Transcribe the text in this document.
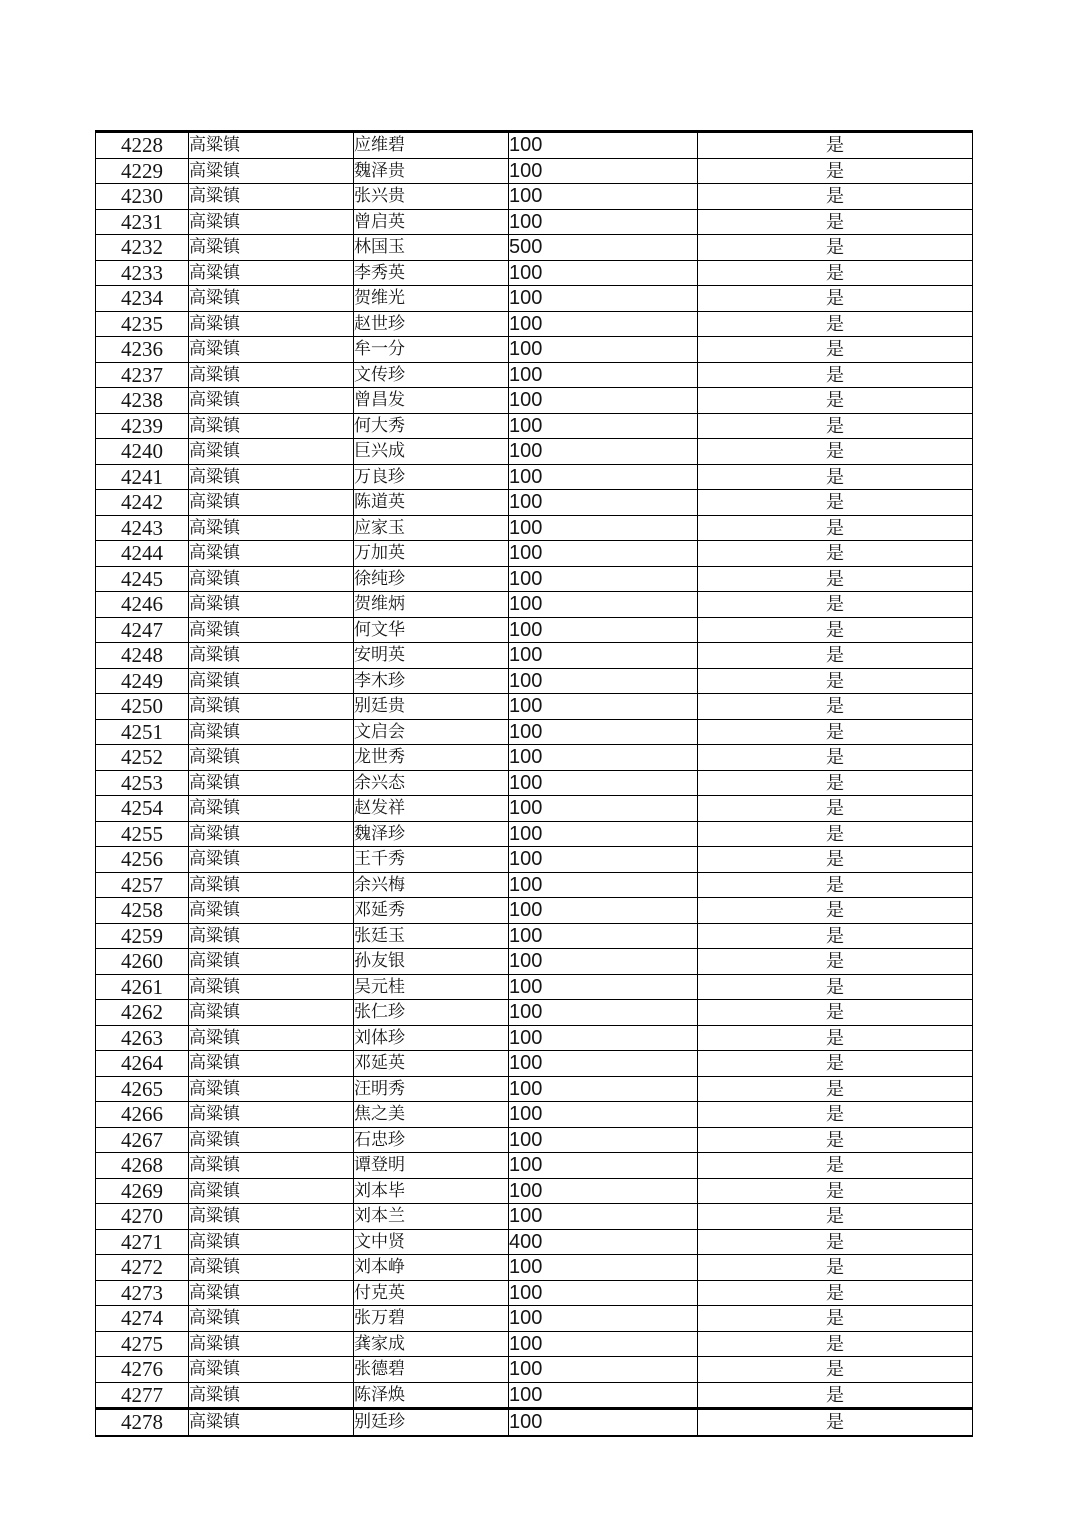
4228	高粱镇	应维碧	100	是
4229	高粱镇	魏泽贵	100	是
4230	高粱镇	张兴贵	100	是
4231	高粱镇	曾启英	100	是
4232	高粱镇	林国玉	500	是
4233	高粱镇	李秀英	100	是
4234	高粱镇	贺维光	100	是
4235	高粱镇	赵世珍	100	是
4236	高粱镇	牟一分	100	是
4237	高粱镇	文传珍	100	是
4238	高粱镇	曾昌发	100	是
4239	高粱镇	何大秀	100	是
4240	高粱镇	巨兴成	100	是
4241	高粱镇	万良珍	100	是
4242	高粱镇	陈道英	100	是
4243	高粱镇	应家玉	100	是
4244	高粱镇	万加英	100	是
4245	高粱镇	徐纯珍	100	是
4246	高粱镇	贺维炳	100	是
4247	高粱镇	何文华	100	是
4248	高粱镇	安明英	100	是
4249	高粱镇	李木珍	100	是
4250	高粱镇	别廷贵	100	是
4251	高粱镇	文启会	100	是
4252	高粱镇	龙世秀	100	是
4253	高粱镇	余兴态	100	是
4254	高粱镇	赵发祥	100	是
4255	高粱镇	魏泽珍	100	是
4256	高粱镇	王千秀	100	是
4257	高粱镇	余兴梅	100	是
4258	高粱镇	邓延秀	100	是
4259	高粱镇	张廷玉	100	是
4260	高粱镇	孙友银	100	是
4261	高粱镇	吴元桂	100	是
4262	高粱镇	张仁珍	100	是
4263	高粱镇	刘体珍	100	是
4264	高粱镇	邓延英	100	是
4265	高粱镇	汪明秀	100	是
4266	高粱镇	焦之美	100	是
4267	高粱镇	石忠珍	100	是
4268	高粱镇	谭登明	100	是
4269	高粱镇	刘本毕	100	是
4270	高粱镇	刘本兰	100	是
4271	高粱镇	文中贤	400	是
4272	高粱镇	刘本峥	100	是
4273	高粱镇	付克英	100	是
4274	高粱镇	张万碧	100	是
4275	高粱镇	龚家成	100	是
4276	高粱镇	张德碧	100	是
4277	高粱镇	陈泽焕	100	是
4278	高粱镇	别廷珍	100	是
